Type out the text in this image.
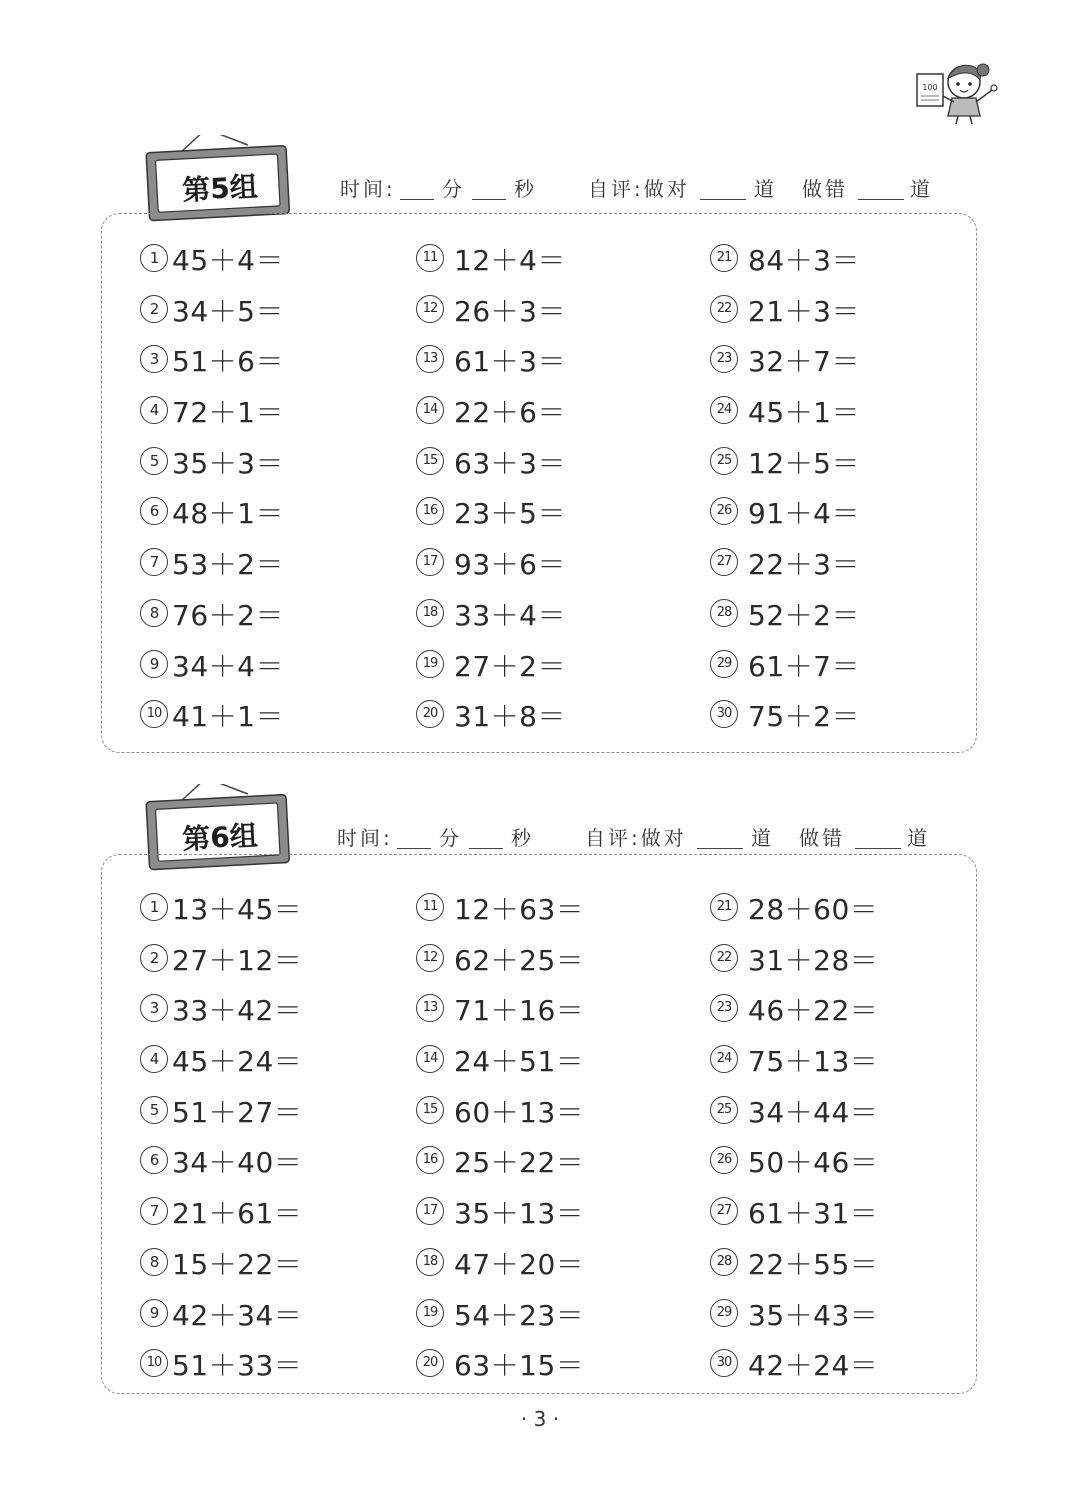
100
第5组	时间: 分 秒	自评:做对	道 做错	道
1 45＋4＝
2 34＋5＝
3 51＋6＝
4 72＋1＝
5 35＋3＝
6 48＋1＝
7 53＋2＝
8 76＋2＝
9 34＋4＝
10 41＋1＝
11 12＋4＝
12 26＋3＝
13 61＋3＝
14 22＋6＝
15 63＋3＝
16 23＋5＝
17 93＋6＝
18 33＋4＝
19 27＋2＝
20 31＋8＝
21 84＋3＝
22 21＋3＝
23 32＋7＝
24 45＋1＝
25 12＋5＝
26 91＋4＝
27 22＋3＝
28 52＋2＝
29 61＋7＝
30 75＋2＝
第6组	时间: 分 秒	自评:做对	道 做错	道
1 13＋45＝
2 27＋12＝
3 33＋42＝
4 45＋24＝
5 51＋27＝
6 34＋40＝
7 21＋61＝
8 15＋22＝
9 42＋34＝
10 51＋33＝
11 12＋63＝
12 62＋25＝
13 71＋16＝
14 24＋51＝
15 60＋13＝
16 25＋22＝
17 35＋13＝
18 47＋20＝
19 54＋23＝
20 63＋15＝
21 28＋60＝
22 31＋28＝
23 46＋22＝
24 75＋13＝
25 34＋44＝
26 50＋46＝
27 61＋31＝
28 22＋55＝
29 35＋43＝
30 42＋24＝
· 3 ·
